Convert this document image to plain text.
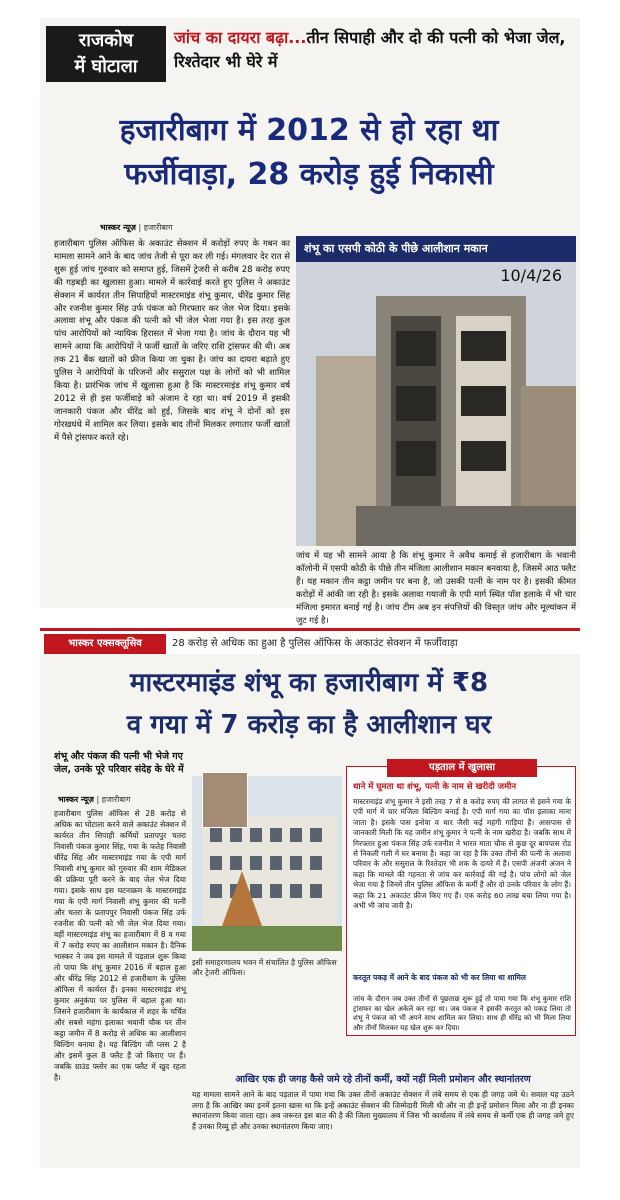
राजकोष
में घोटाला
जांच का दायरा बढ़ा...तीन सिपाही और दो की पत्नी को भेजा जेल, रिश्तेदार भी घेरे में
हजारीबाग में 2012 से हो रहा था
फर्जीवाड़ा, 28 करोड़ हुई निकासी
भास्कर न्यूज़ | हजारीबाग
हजारीबाग पुलिस ऑफिस के अकाउंट सेक्शन में करोड़ों रुपए के गबन का मामला सामने आने के बाद जांच तेजी से पूरा कर ली गई। मंगलवार देर रात से शुरू हुई जांच गुरुवार को समाप्त हुई, जिसमें ट्रेजरी से करीब 28 करोड़ रुपए की गड़बड़ी का खुलासा हुआ। मामले में कार्रवाई करते हुए पुलिस ने अकाउंट सेक्शन में कार्यरत तीन सिपाहियों मास्टरमाइंड शंभू कुमार, धीरेंद्र कुमार सिंह और रजनीश कुमार सिंह उर्फ पंकज को गिरफ्तार कर जेल भेज दिया। इसके अलावा शंभू और पंकज की पत्नी को भी जेल भेजा गया है। इस तरह कुल पांच आरोपियों को न्यायिक हिरासत में भेजा गया है। जांच के दौरान यह भी सामने आया कि आरोपियों ने फर्जी खातों के जरिए राशि ट्रांसफर की थी। अब तक 21 बैंक खातों को फ्रीज किया जा चुका है। जांच का दायरा बढ़ाते हुए पुलिस ने आरोपियों के परिजनों और ससुराल पक्ष के लोगों को भी शामिल किया है। प्रारंभिक जांच में खुलासा हुआ है कि मास्टरमाइंड शंभू कुमार वर्ष 2012 से ही इस फर्जीवाड़े को अंजाम दे रहा था। वर्ष 2019 में इसकी जानकारी पंकज और धीरेंद्र को हुई, जिसके बाद शंभू ने दोनों को इस गोरखधंधे में शामिल कर लिया। इसके बाद तीनों मिलकर लगातार फर्जी खातों में पैसे ट्रांसफर करते रहे।
शंभू का एसपी कोठी के पीछे आलीशान मकान
10/4/26
जांच में यह भी सामने आया है कि शंभू कुमार ने अवैध कमाई से हजारीबाग के भवानी कॉलोनी में एसपी कोठी के पीछे तीन मंजिला आलीशान मकान बनवाया है, जिसमें आठ फ्लैट हैं। यह मकान तीन कट्ठा जमीन पर बना है, जो उसकी पत्नी के नाम पर है। इसकी कीमत करोड़ों में आंकी जा रही है। इसके अलावा गयाजी के एपी मार्ग स्थित पॉश इलाके में भी चार मंजिला इमारत बनाई गई है। जांच टीम अब इन संपत्तियों की विस्तृत जांच और मूल्यांकन में जुट गई है।
भास्कर एक्सक्लूसिव	28 करोड़ से अधिक का हुआ है पुलिस ऑफिस के अकाउंट सेक्शन में फर्जीवाड़ा
मास्टरमाइंड शंभू का हजारीबाग में ₹8
व गया में 7 करोड़ का है आलीशान घर
शंभू और पंकज की पत्नी भी भेजे गए जेल, उनके पूरे परिवार संदेह के घेरे में
भास्कर न्यूज़ | हजारीबाग
हजारीबाग पुलिस ऑफिस से 28 करोड़ से अधिक का घोटाला करने वाले अकाउंट सेक्शन में कार्यरत तीन सिपाही कर्मियों प्रतापपुर चतरा निवासी पंकज कुमार सिंह, गया के फतेह निवासी धीरेंद्र सिंह और मास्टरमाइंड गया के एपी मार्ग निवासी शंभू कुमार को गुरुवार की शाम मेडिकल की प्रक्रिया पूरी करने के बाद जेल भेज दिया गया। इसके साथ इस घटनाक्रम के मास्टरमाइंड गया के एपी मार्ग निवासी शंभू कुमार की पत्नी और चतरा के प्रतापपुर निवासी पंकज सिंह उर्फ रजनीश की पत्नी को भी जेल भेज दिया गया। वहीं मास्टरमाइंड शंभू का हजारीबाग में 8 व गया में 7 करोड़ रुपए का आलीशान मकान है। दैनिक भास्कर ने जब इस मामले में पड़ताल शुरू किया तो पाया कि शंभू कुमार 2016 में बहाल हुआ और धीरेंद्र सिंह 2012 से हजारीबाग के पुलिस ऑफिस में कार्यरत हैं। इनका मास्टरमाइंड शंभू कुमार अनुकंपा पर पुलिस में बहाल हुआ था। जिसने हजारीबाग के कार्यकाल में शहर के चर्चित और सबसे महंगा इलाका भवानी चौक पर तीन कट्ठा जमीन में 8 करोड़ से अधिक का आलीशान बिल्डिंग बनाया है। यह बिल्डिंग जी प्लस 2 है और इसमें कुल 8 फ्लैट हैं जो किराए पर हैं। जबकि ग्राउंड फ्लोर का एक फ्लैट में खुद रहता है।
इसी समाहरणालय भवन में संचालित है पुलिस ऑफिस और ट्रेजरी ऑफिस।
पड़ताल में खुलासा
थाने में घूमता था शंभू, पत्नी के नाम से खरीदी जमीन
मास्टरमाइंड शंभू कुमार ने इसी तरह 7 से 8 करोड़ रुपए की लागत से इसने गया के एपी मार्ग में चार मंजिला बिल्डिंग बनाई है। एपी मार्ग गया का पॉश इलाका माना जाता है। इसके पास इनोवा व थार जैसी कई महंगी गाड़ियां हैं। आसपास से जानकारी मिली कि यह जमीन शंभू कुमार ने पत्नी के नाम खरीदा है। जबकि साथ में गिरफ्तार हुआ पंकज सिंह उर्फ रजनीश ने भारत माता चौक से कुछ दूर बायपास रोड से निकली गली में घर बनाया है। कहा जा रहा है कि उक्त तीनों की पत्नी के अलावा परिवार के और ससुराल के रिश्तेदार भी शक के दायरे में हैं। एसपी अंजनी अंजन ने कहा कि मामले की गहनता से जांच कर कार्रवाई की गई है। पांच लोगों को जेल भेजा गया है जिनमें तीन पुलिस ऑफिस के कर्मी हैं और दो उनके परिवार के लोग हैं। कहा कि 21 अकाउंट फ्रीज किए गए हैं। एक करोड़ 60 लाख बचा लिया गया है। अभी भी जांच जारी है।
करतूत पकड़ में आने के बाद पंकज को भी कर लिया था शामिल
जांच के दौरान जब उक्त तीनों से पूछताछ शुरू हुई तो पाया गया कि शंभू कुमार राशि ट्रांसफर का खेल अकेले कर रहा था। जब पंकज ने इसकी करतूत को पकड़ लिया तो शंभू ने पंकज को भी अपने साथ शामिल कर लिया। साथ ही धीरेंद्र को भी मिला लिया और तीनों मिलकर यह खेल शुरू कर दिया।
आखिर एक ही जगह कैसे जमे रहे तीनों कर्मी, क्यों नहीं मिली प्रमोशन और स्थानांतरण
यह मामला सामने आने के बाद पड़ताल में पाया गया कि उक्त तीनों अकाउंट सेक्शन में लंबे समय से एक ही जगह जमे थे। सवाल यह उठने लगा है कि आखिर क्या इनमें इतना खास था कि इन्हें अकाउंट सेक्शन की जिम्मेदारी मिली थी और ना ही इन्हें प्रमोशन मिला और ना ही इनका स्थानांतरण किया जाता रहा। अब जरूरत इस बात की है की जिला मुख्यालय में जिस भी कार्यालय में लंबे समय से कर्मी एक ही जगह जमे हुए हैं उनका रिव्यू हो और उनका स्थानांतरण किया जाए।
